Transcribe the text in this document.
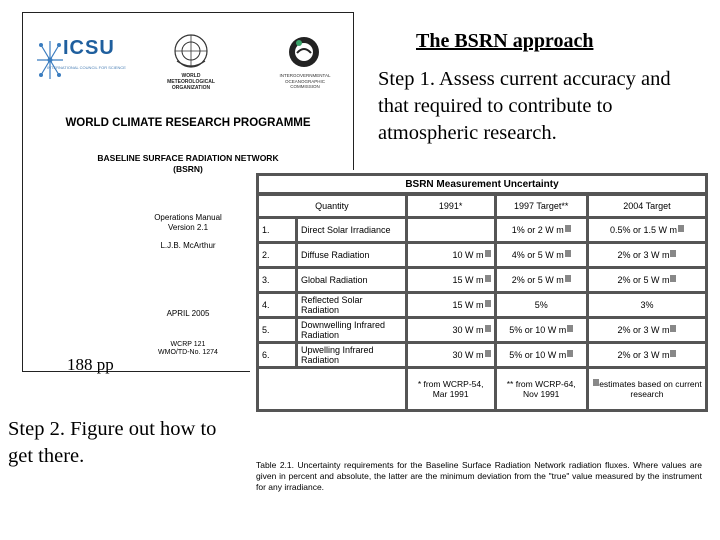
ICSU
INTERNATIONAL COUNCIL FOR SCIENCE
WORLD METEOROLOGICAL ORGANIZATION
INTERGOVERNMENTAL OCEANOGRAPHIC COMMISSION
WORLD CLIMATE RESEARCH PROGRAMME
BASELINE SURFACE RADIATION NETWORK
(BSRN)
Operations Manual
Version 2.1
L.J.B. McArthur
APRIL 2005
WCRP 121
WMO/TD-No. 1274
188 pp
The BSRN approach
Step 1. Assess current accuracy and that required to contribute to atmospheric research.
Step 2. Figure out how to get there.
BSRN Measurement Uncertainty				
Quantity		1991*	1997 Target**	2004 Target
1.	Direct Solar Irradiance		1% or 2 W m	0.5% or 1.5 W m
2.	Diffuse Radiation	10 W m	4% or 5 W m	2% or 3 W m
3.	Global Radiation	15 W m	2% or 5 W m	2% or 5 W m
4.	Reflected Solar Radiation	15 W m	5%	3%
5.	Downwelling Infrared Radiation	30 W m	5% or 10 W m	2% or 3 W m
6.	Upwelling Infrared Radiation	30 W m	5% or 10 W m	2% or 3 W m
		* from WCRP-54, Mar 1991	** from WCRP-64, Nov 1991	estimates based on current research
Table 2.1. Uncertainty requirements for the Baseline Surface Radiation Network radiation fluxes. Where values are given in percent and absolute, the latter are the minimum deviation from the "true" value measured by the instrument for any irradiance.
